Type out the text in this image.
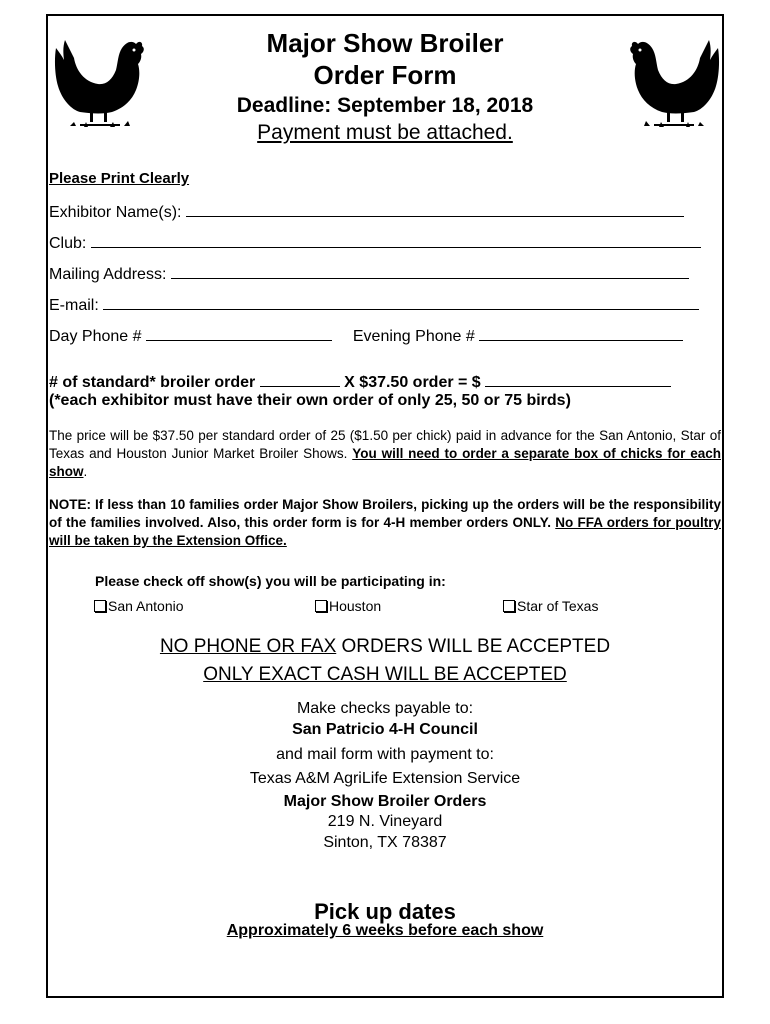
Major Show Broiler
Order Form
Deadline: September 18, 2018
Payment must be attached.
Please Print Clearly
Exhibitor Name(s):
Club:
Mailing Address:
E-mail:
Day Phone #	Evening Phone #
# of standard* broiler order	X $37.50 order = $
(*each exhibitor must have their own order of only 25, 50 or 75 birds)
The price will be $37.50 per standard order of 25 ($1.50 per chick) paid in advance for the San Antonio, Star of Texas and Houston Junior Market Broiler Shows. You will need to order a separate box of chicks for each show.
NOTE: If less than 10 families order Major Show Broilers, picking up the orders will be the responsibility of the families involved. Also, this order form is for 4-H member orders ONLY. No FFA orders for poultry will be taken by the Extension Office.
Please check off show(s) you will be participating in:
San Antonio	Houston	Star of Texas
NO PHONE OR FAX ORDERS WILL BE ACCEPTED
ONLY EXACT CASH WILL BE ACCEPTED
Make checks payable to:
San Patricio 4-H Council
and mail form with payment to:
Texas A&M AgriLife Extension Service
Major Show Broiler Orders
219 N. Vineyard
Sinton, TX 78387
Pick up dates
Approximately 6 weeks before each show
